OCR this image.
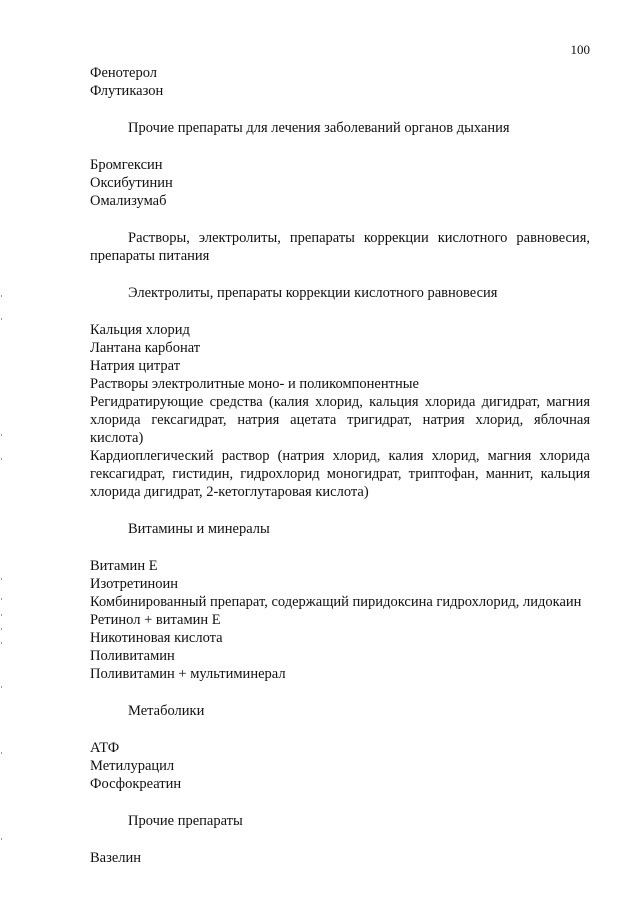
100

Фенотерол

Флутиказон

Прочие препараты для лечения заболеваний органов дыхания

Бромгексин

Оксибутинин

Омализумаб

Растворы, электролиты, препараты коррекции кислотного равновесия, препараты питания

Электролиты, препараты коррекции кислотного равновесия

Кальция хлорид

Лантана карбонат

Натрия цитрат

Растворы электролитные моно- и поликомпонентные

Регидратирующие средства (калия хлорид, кальция хлорида дигидрат, магния хлорида гексагидрат, натрия ацетата тригидрат, натрия хлорид, яблочная кислота)

Кардиоплегический раствор (натрия хлорид, калия хлорид, магния хлорида гексагидрат, гистидин, гидрохлорид моногидрат, триптофан, маннит, кальция хлорида дигидрат, 2-кетоглутаровая кислота)

Витамины и минералы

Витамин Е

Изотретиноин

Комбинированный препарат, содержащий пиридоксина гидрохлорид, лидокаин

Ретинол + витамин Е

Никотиновая кислота

Поливитамин

Поливитамин + мультиминерал

Метаболики

АТФ

Метилурацил

Фосфокреатин

Прочие препараты

Вазелин
